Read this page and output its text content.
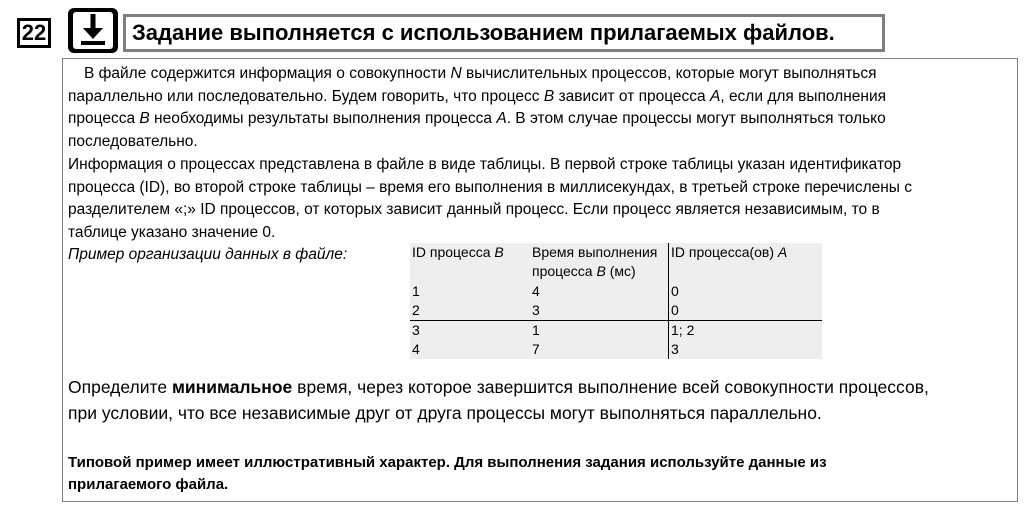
22	Задание выполняется с использованием прилагаемых файлов.
В файле содержится информация о совокупности N вычислительных процессов, которые могут выполняться
параллельно или последовательно. Будем говорить, что процесс B зависит от процесса A, если для выполнения
процесса B необходимы результаты выполнения процесса A. В этом случае процессы могут выполняться только
последовательно.
Информация о процессах представлена в файле в виде таблицы. В первой строке таблицы указан идентификатор
процесса (ID), во второй строке таблицы – время его выполнения в миллисекундах, в третьей строке перечислены с
разделителем «;» ID процессов, от которых зависит данный процесс. Если процесс является независимым, то в
таблице указано значение 0.
Пример организации данных в файле:	ID процесса B	Время выполнения
процесса B (мс)	ID процесса(ов) A
1	4	0
2	3	0
3	1	1; 2
4	7	3
Определите минимальное время, через которое завершится выполнение всей совокупности процессов,
при условии, что все независимые друг от друга процессы могут выполняться параллельно.
Типовой пример имеет иллюстративный характер. Для выполнения задания используйте данные из
прилагаемого файла.
